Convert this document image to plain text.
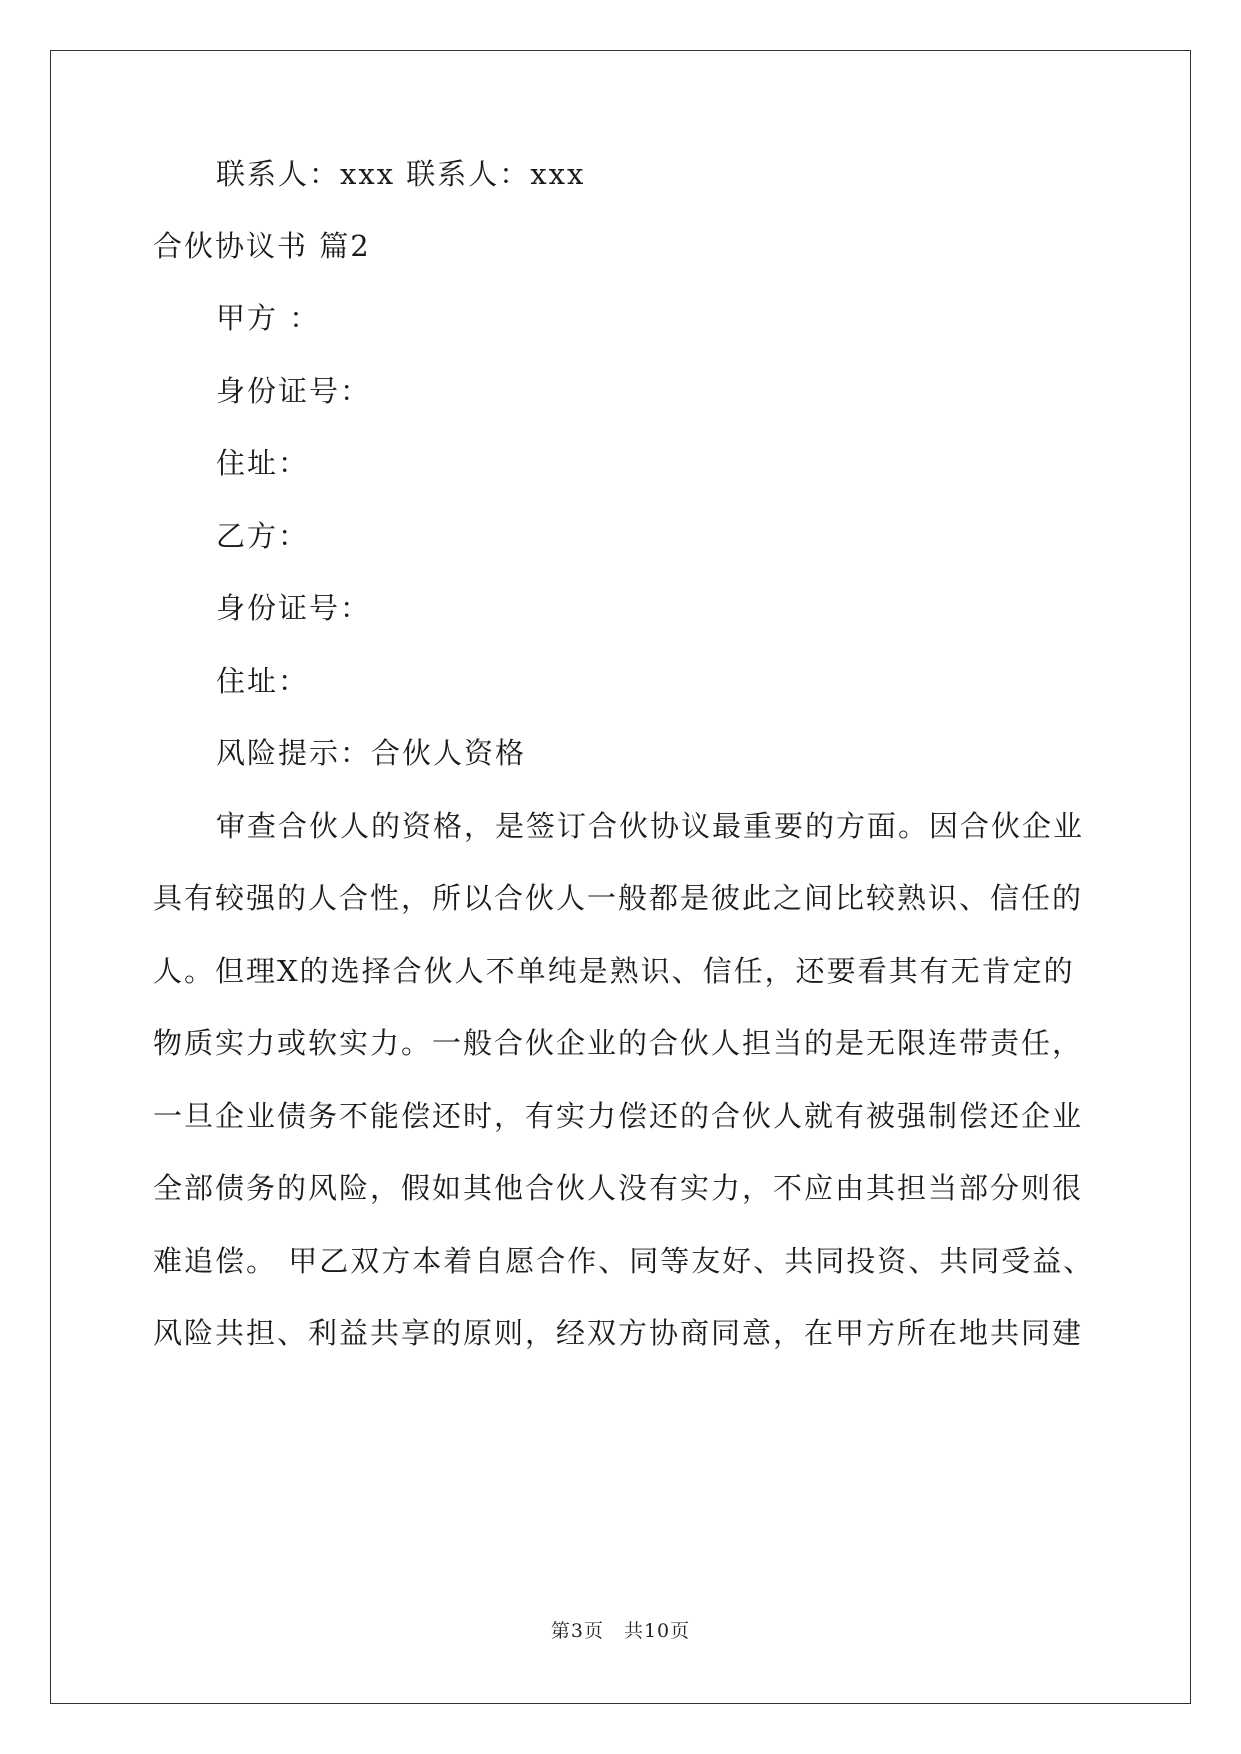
联系人：xxx 联系人：xxx
合伙协议书 篇2
甲方 ：
身份证号：
住址：
乙方：
身份证号：
住址：
风险提示：合伙人资格
审查合伙人的资格，是签订合伙协议最重要的方面。因合伙企业
具有较强的人合性，所以合伙人一般都是彼此之间比较熟识、信任的
人。但理X的选择合伙人不单纯是熟识、信任，还要看其有无肯定的
物质实力或软实力。一般合伙企业的合伙人担当的是无限连带责任，
一旦企业债务不能偿还时，有实力偿还的合伙人就有被强制偿还企业
全部债务的风险，假如其他合伙人没有实力，不应由其担当部分则很
难追偿。 甲乙双方本着自愿合作、同等友好、共同投资、共同受益、
风险共担、利益共享的原则，经双方协商同意，在甲方所在地共同建
第3页　共10页
